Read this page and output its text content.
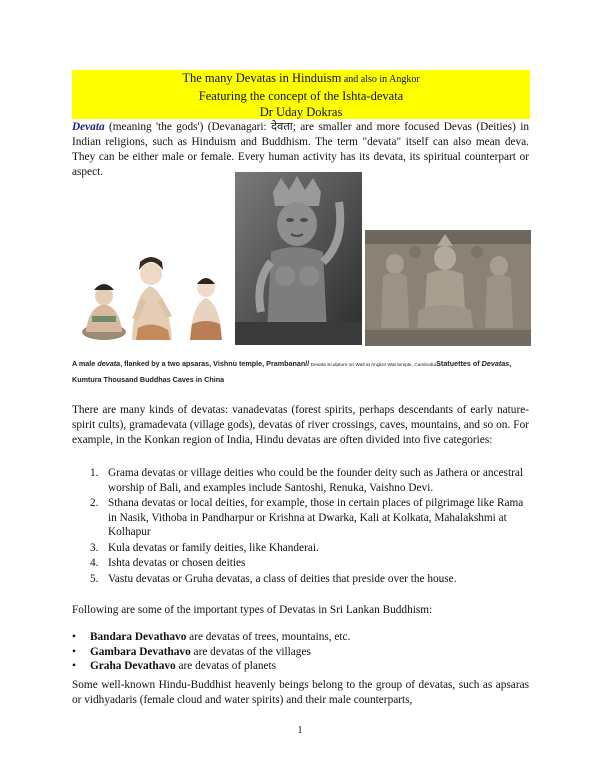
The many Devatas in Hinduism and also in Angkor
Featuring the concept of the Ishta-devata
Dr Uday Dokras

Devata (meaning 'the gods') (Devanagari: देवता; are smaller and more focused Devas (Deities) in Indian religions, such as Hinduism and Buddhism. The term "devata" itself can also mean deva. They can be either male or female. Every human activity has its devata, its spiritual counterpart or aspect.

A male devata, flanked by a two apsaras, Vishnu temple, Prambanan// Devata Sculpture on Wall at Angkor Wat temple, CambodiaStatuettes of Devatas, Kumtura Thousand Buddhas Caves in China

There are many kinds of devatas: vanadevatas (forest spirits, perhaps descendants of early nature-spirit cults), gramadevata (village gods), devatas of river crossings, caves, mountains, and so on. For example, in the Konkan region of India, Hindu devatas are often divided into five categories:

1. Grama devatas or village deities who could be the founder deity such as Jathera or ancestral worship of Bali, and examples include Santoshi, Renuka, Vaishno Devi.
2. Sthana devatas or local deities, for example, those in certain places of pilgrimage like Rama in Nasik, Vithoba in Pandharpur or Krishna at Dwarka, Kali at Kolkata, Mahalakshmi at Kolhapur
3. Kula devatas or family deities, like Khanderai.
4. Ishta devatas or chosen deities
5. Vastu devatas or Gruha devatas, a class of deities that preside over the house.

Following are some of the important types of Devatas in Sri Lankan Buddhism:

• Bandara Devathavo are devatas of trees, mountains, etc.
• Gambara Devathavo are devatas of the villages
• Graha Devathavo are devatas of planets

Some well-known Hindu-Buddhist heavenly beings belong to the group of devatas, such as apsaras or vidhyadaris (female cloud and water spirits) and their male counterparts,

1
